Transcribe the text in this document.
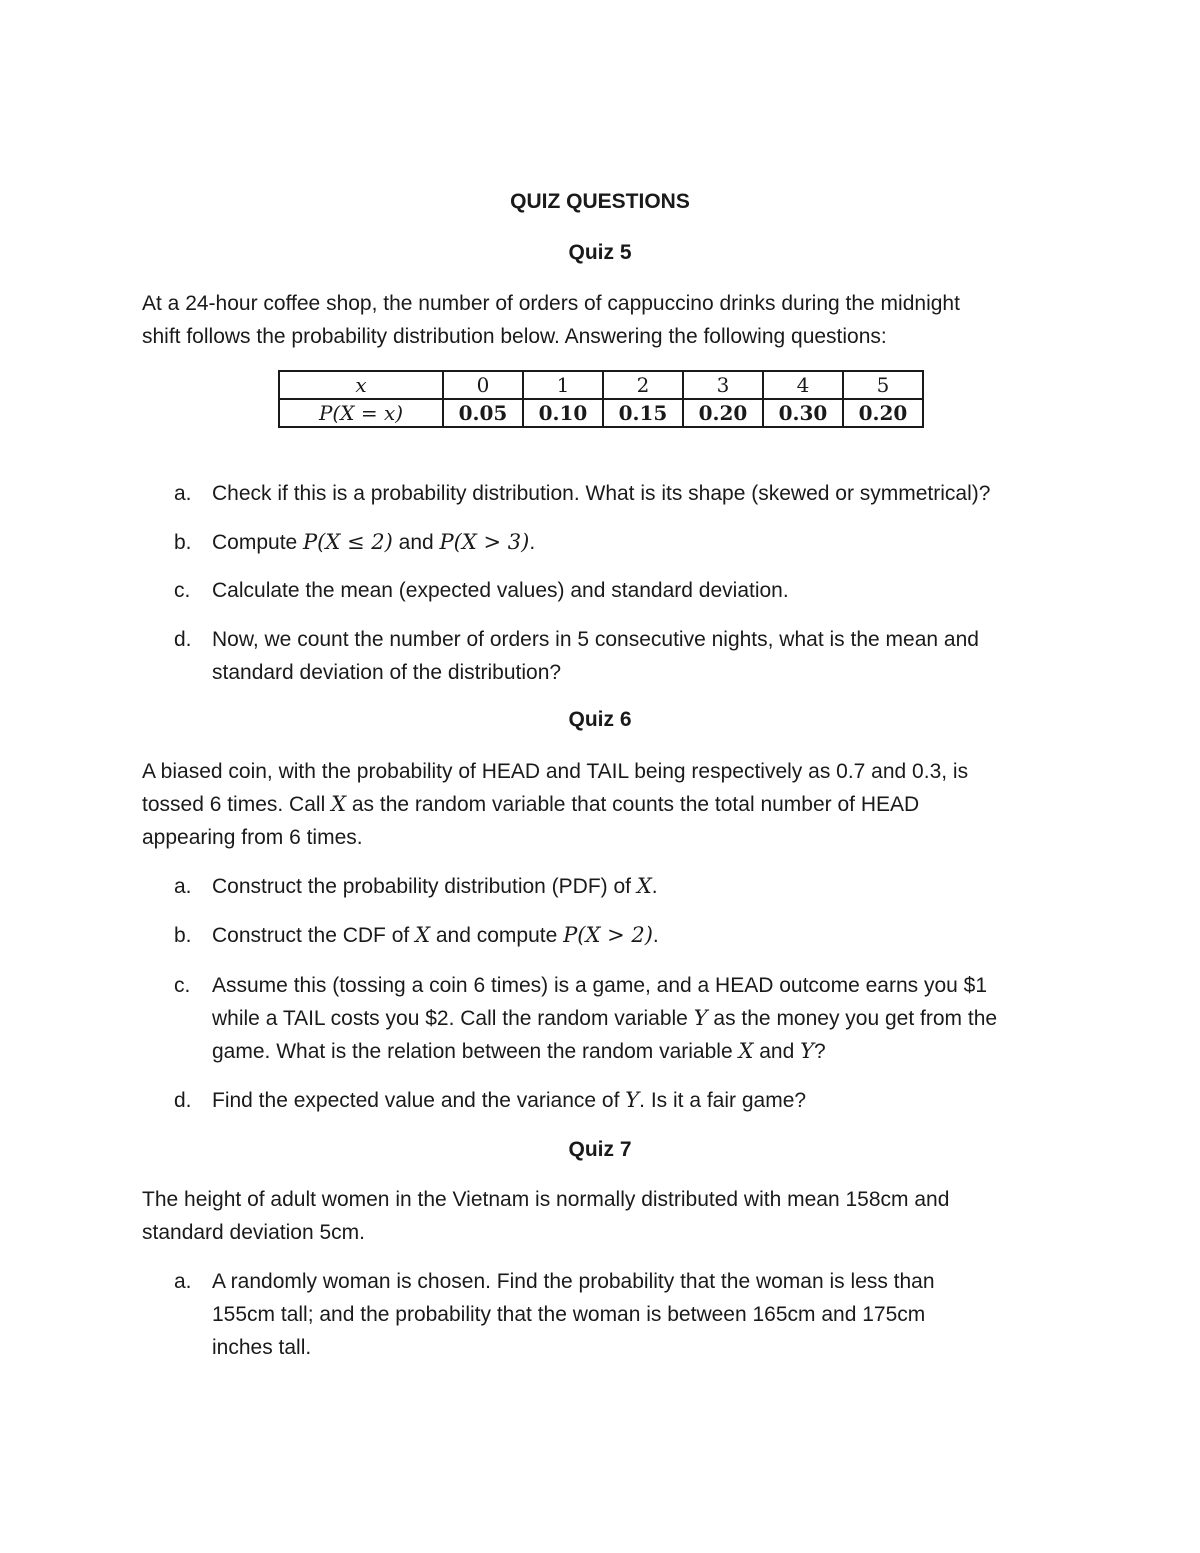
QUIZ QUESTIONS
Quiz 5
At a 24-hour coffee shop, the number of orders of cappuccino drinks during the midnight
shift follows the probability distribution below. Answering the following questions:
x	0	1	2	3	4	5
P(X = x)	0.05	0.10	0.15	0.20	0.30	0.20
a. Check if this is a probability distribution. What is its shape (skewed or symmetrical)?
b. Compute P(X ≤ 2) and P(X > 3).
c.	Calculate the mean (expected values) and standard deviation.
d. Now, we count the number of orders in 5 consecutive nights, what is the mean and
standard deviation of the distribution?
Quiz 6
A biased coin, with the probability of HEAD and TAIL being respectively as 0.7 and 0.3, is
tossed 6 times. Call X as the random variable that counts the total number of HEAD
appearing from 6 times.
a. Construct the probability distribution (PDF) of X.
b. Construct the CDF of X and compute P(X > 2).
c.	Assume this (tossing a coin 6 times) is a game, and a HEAD outcome earns you $1
while a TAIL costs you $2. Call the random variable Y as the money you get from the
game. What is the relation between the random variable X and Y?
d. Find the expected value and the variance of Y. Is it a fair game?
Quiz 7
The height of adult women in the Vietnam is normally distributed with mean 158cm and
standard deviation 5cm.
a. A randomly woman is chosen. Find the probability that the woman is less than
155cm tall; and the probability that the woman is between 165cm and 175cm
inches tall.
